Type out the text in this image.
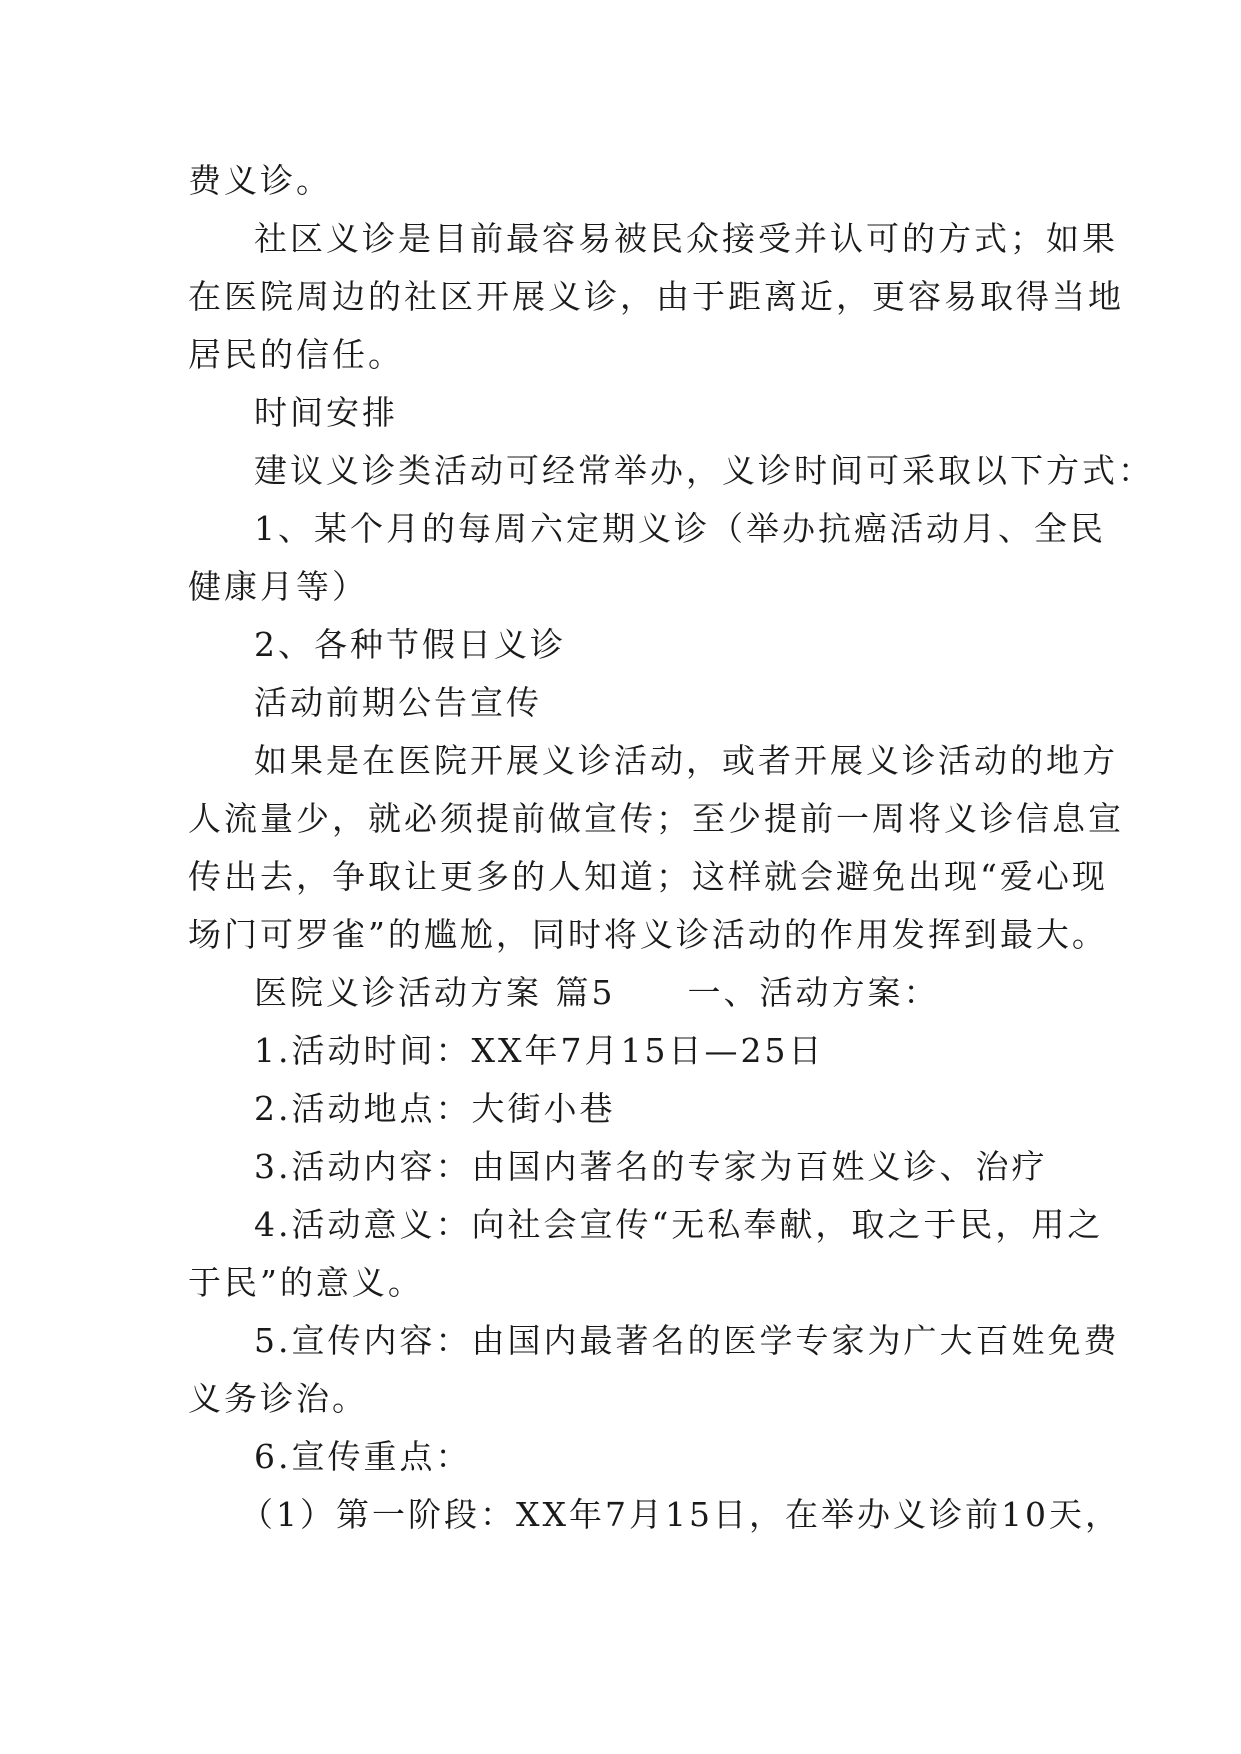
费义诊。
社区义诊是目前最容易被民众接受并认可的方式；如果
在医院周边的社区开展义诊，由于距离近，更容易取得当地
居民的信任。
时间安排
建议义诊类活动可经常举办，义诊时间可采取以下方式：
1、某个月的每周六定期义诊（举办抗癌活动月、全民
健康月等）
2、各种节假日义诊
活动前期公告宣传
如果是在医院开展义诊活动，或者开展义诊活动的地方
人流量少，就必须提前做宣传；至少提前一周将义诊信息宣
传出去，争取让更多的人知道；这样就会避免出现“爱心现
场门可罗雀”的尴尬，同时将义诊活动的作用发挥到最大。
医院义诊活动方案 篇5　　一、活动方案：
1.活动时间：XX年7月15日—25日
2.活动地点：大街小巷
3.活动内容：由国内著名的专家为百姓义诊、治疗
4.活动意义：向社会宣传“无私奉献，取之于民，用之
于民”的意义。
5.宣传内容：由国内最著名的医学专家为广大百姓免费
义务诊治。
6.宣传重点：
（1）第一阶段：XX年7月15日，在举办义诊前10天，
